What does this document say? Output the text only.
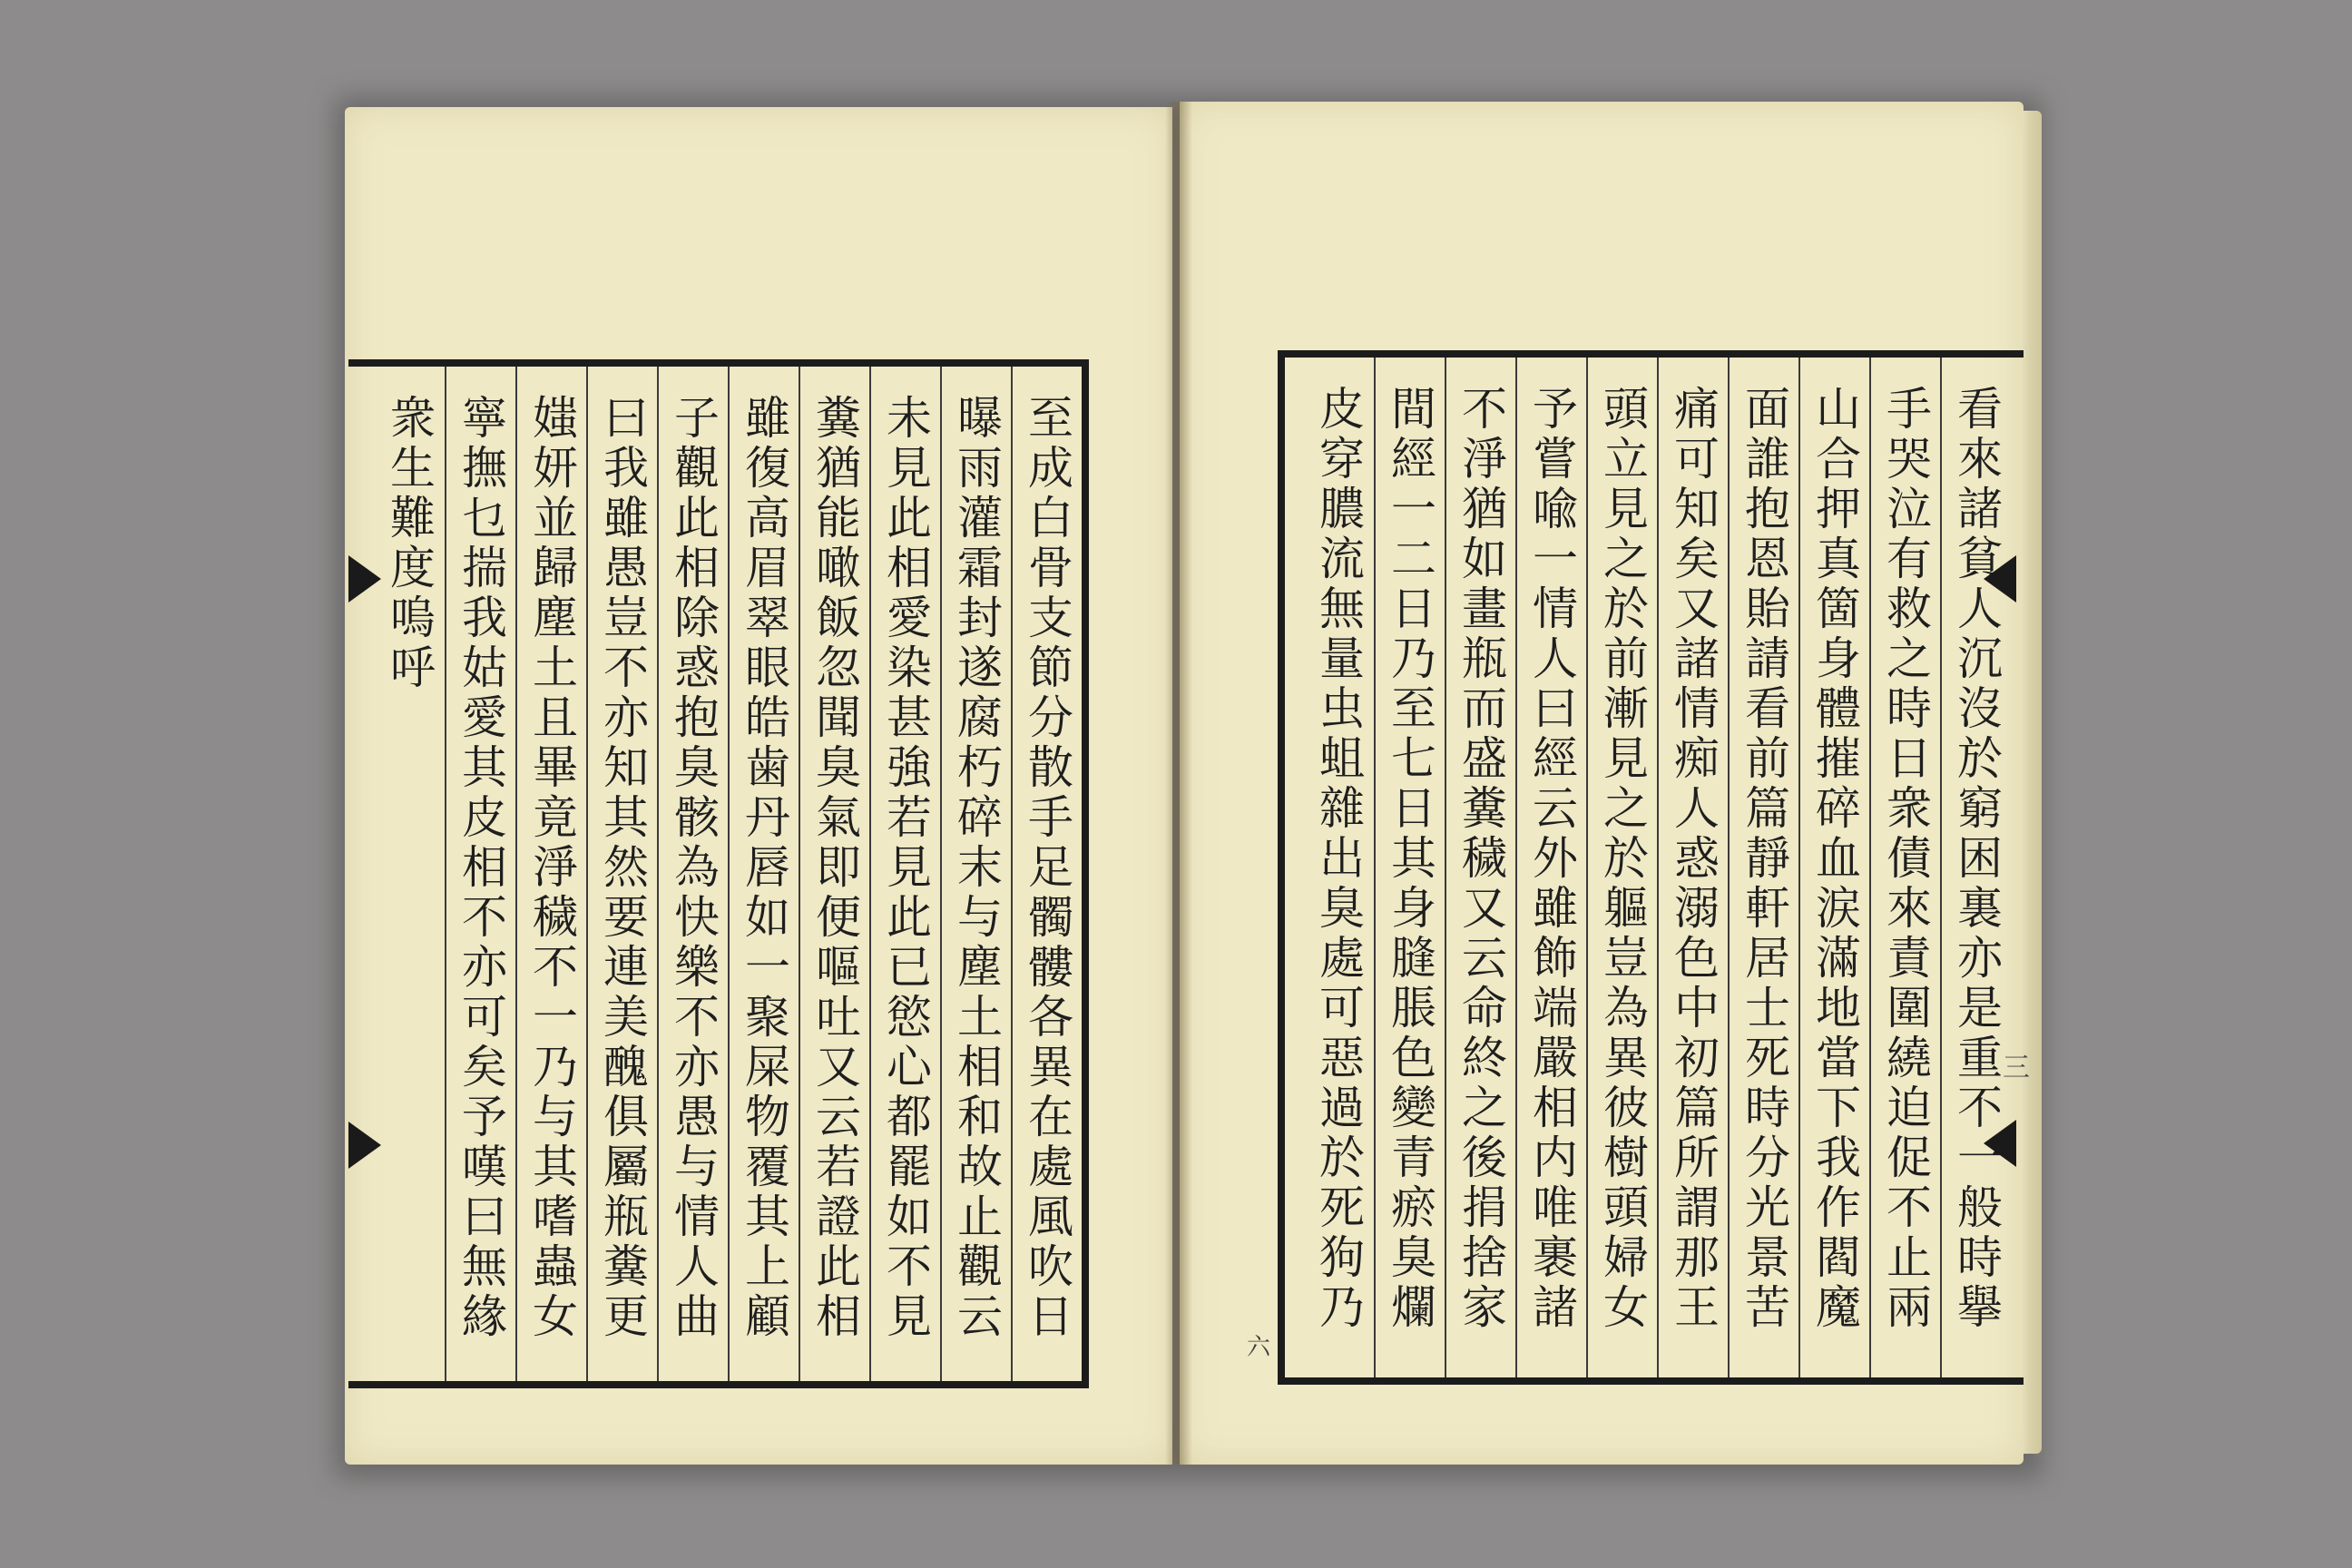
至成白骨支節分散手足髑髏各異在處風吹日
曝雨灌霜封遂腐朽碎末与塵土相和故止觀云
未見此相愛染甚強若見此已慾心都罷如不見
糞猶能噉飯忽聞臭氣即便嘔吐又云若證此相
雖復高眉翠眼皓歯丹唇如一聚屎物覆其上顧
子觀此相除惑抱臭骸為快樂不亦愚与情人曲
曰我雖愚豈不亦知其然要連美醜俱屬瓶糞更
媸妍並歸塵土且畢竟淨穢不一乃与其嗜蟲女
寧撫乜揣我姑愛其皮相不亦可矣予嘆曰無緣
衆生難度嗚呼	看來諸貧人沉沒於窮困裏亦是重不一般時擧
手哭泣有救之時日衆債來責圍繞迫促不止兩
山合押真箇身體摧碎血涙滿地當下我作閻魔
面誰抱恩貽請看前篇靜軒居士死時分光景苦
痛可知矣又諸情痴人惑溺色中初篇所謂那王
頭立見之於前漸見之於軀豈為異彼樹頭婦女
予嘗喩一情人曰經云外雖飾端嚴相内唯裹諸
不淨猶如畫瓶而盛糞穢又云命終之後捐捨家
間經一二日乃至七日其身膖脹色變青瘀臭爛
皮穿膿流無量虫蛆雜出臭處可惡過於死狗乃	三
六
